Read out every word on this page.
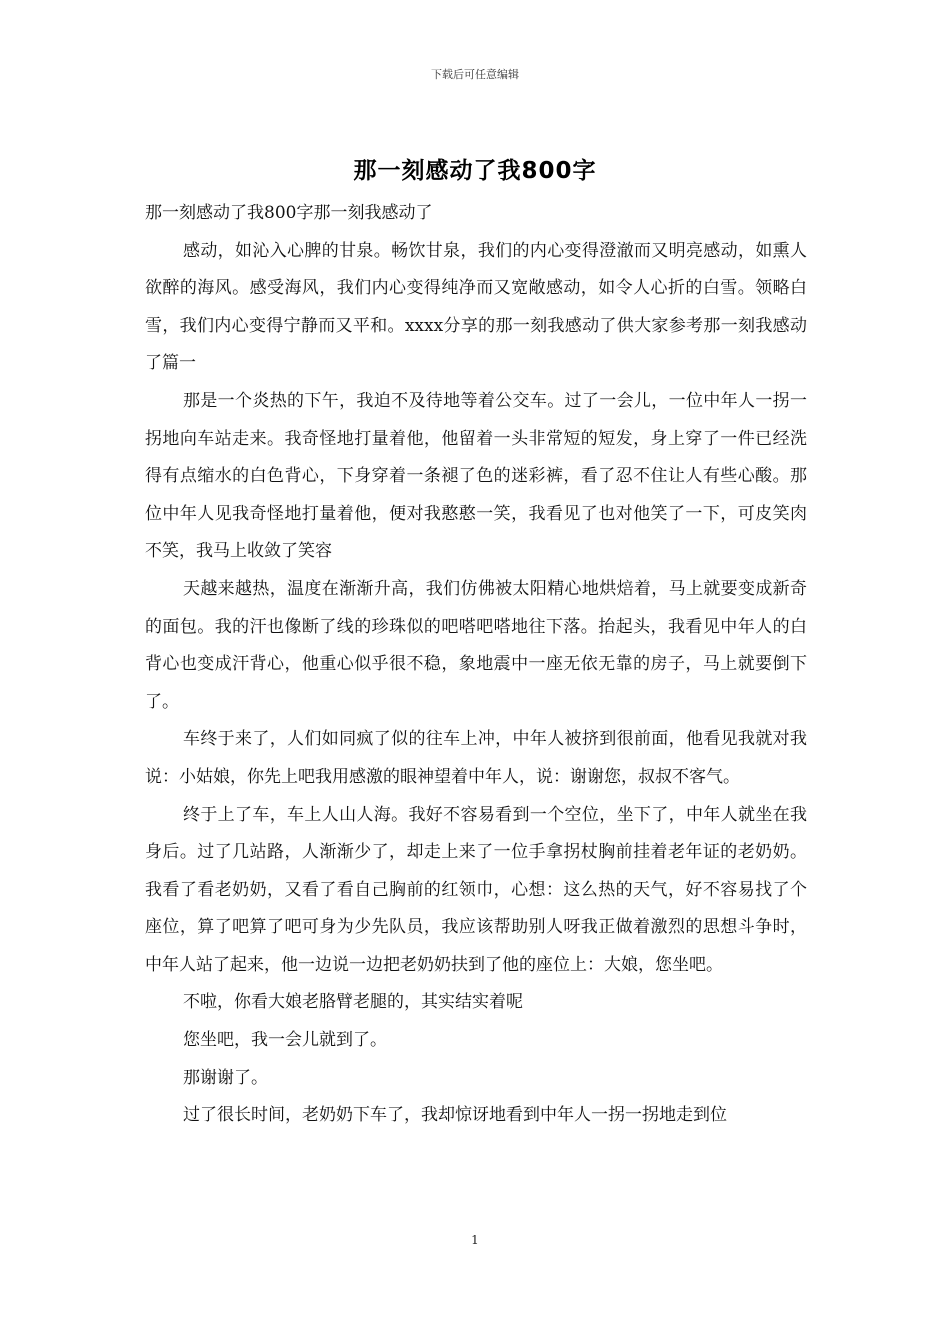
下载后可任意编辑
那一刻感动了我800字

那一刻感动了我800字那一刻我感动了

感动，如沁入心脾的甘泉。畅饮甘泉，我们的内心变得澄澈而又明亮感动，如熏人欲醉的海风。感受海风，我们内心变得纯净而又宽敞感动，如令人心折的白雪。领略白雪，我们内心变得宁静而又平和。xxxx分享的那一刻我感动了供大家参考那一刻我感动了篇一

那是一个炎热的下午，我迫不及待地等着公交车。过了一会儿，一位中年人一拐一拐地向车站走来。我奇怪地打量着他，他留着一头非常短的短发，身上穿了一件已经洗得有点缩水的白色背心，下身穿着一条褪了色的迷彩裤，看了忍不住让人有些心酸。那位中年人见我奇怪地打量着他，便对我憨憨一笑，我看见了也对他笑了一下，可皮笑肉不笑，我马上收敛了笑容

天越来越热，温度在渐渐升高，我们仿佛被太阳精心地烘焙着，马上就要变成新奇的面包。我的汗也像断了线的珍珠似的吧嗒吧嗒地往下落。抬起头，我看见中年人的白背心也变成汗背心，他重心似乎很不稳，象地震中一座无依无靠的房子，马上就要倒下了。

车终于来了，人们如同疯了似的往车上冲，中年人被挤到很前面，他看见我就对我说：小姑娘，你先上吧我用感激的眼神望着中年人，说：谢谢您，叔叔不客气。

终于上了车，车上人山人海。我好不容易看到一个空位，坐下了，中年人就坐在我身后。过了几站路，人渐渐少了，却走上来了一位手拿拐杖胸前挂着老年证的老奶奶。我看了看老奶奶，又看了看自己胸前的红领巾，心想：这么热的天气，好不容易找了个座位，算了吧算了吧可身为少先队员，我应该帮助别人呀我正做着激烈的思想斗争时，中年人站了起来，他一边说一边把老奶奶扶到了他的座位上：大娘，您坐吧。

不啦，你看大娘老胳臂老腿的，其实结实着呢

您坐吧，我一会儿就到了。

那谢谢了。

过了很长时间，老奶奶下车了，我却惊讶地看到中年人一拐一拐地走到位

1
